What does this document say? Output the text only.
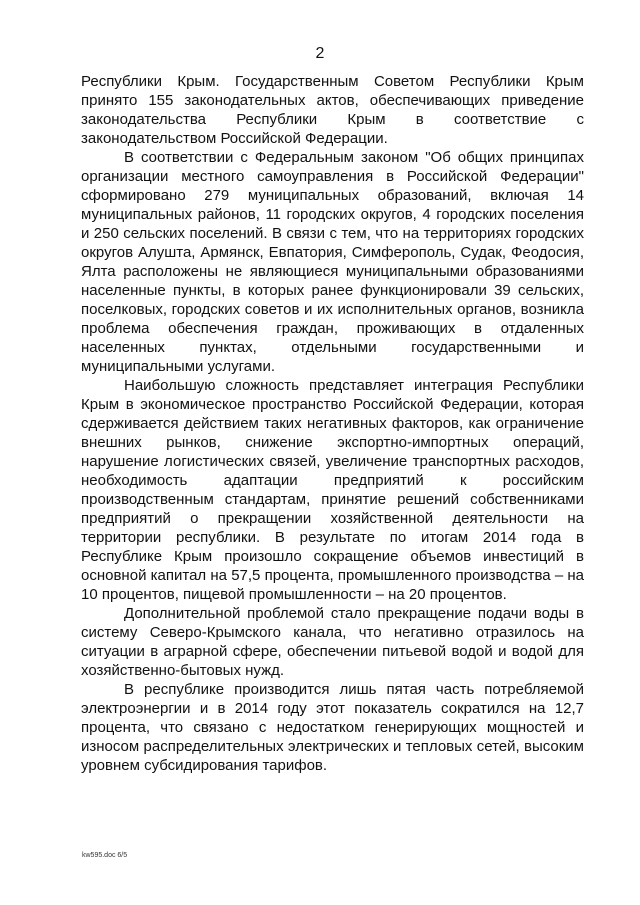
2

Республики Крым. Государственным Советом Республики Крым принято 155 законодательных актов, обеспечивающих приведение законодательства Республики Крым в соответствие с законодательством Российской Федерации.

В соответствии с Федеральным законом "Об общих принципах организации местного самоуправления в Российской Федерации" сформировано 279 муниципальных образований, включая 14 муниципальных районов, 11 городских округов, 4 городских поселения и 250 сельских поселений. В связи с тем, что на территориях городских округов Алушта, Армянск, Евпатория, Симферополь, Судак, Феодосия, Ялта расположены не являющиеся муниципальными образованиями населенные пункты, в которых ранее функционировали 39 сельских, поселковых, городских советов и их исполнительных органов, возникла проблема обеспечения граждан, проживающих в отдаленных населенных пунктах, отдельными государственными и муниципальными услугами.

Наибольшую сложность представляет интеграция Республики Крым в экономическое пространство Российской Федерации, которая сдерживается действием таких негативных факторов, как ограничение внешних рынков, снижение экспортно-импортных операций, нарушение логистических связей, увеличение транспортных расходов, необходимость адаптации предприятий к российским производственным стандартам, принятие решений собственниками предприятий о прекращении хозяйственной деятельности на территории республики. В результате по итогам 2014 года в Республике Крым произошло сокращение объемов инвестиций в основной капитал на 57,5 процента, промышленного производства – на 10 процентов, пищевой промышленности – на 20 процентов.

Дополнительной проблемой стало прекращение подачи воды в систему Северо-Крымского канала, что негативно отразилось на ситуации в аграрной сфере, обеспечении питьевой водой и водой для хозяйственно-бытовых нужд.

В республике производится лишь пятая часть потребляемой электроэнергии и в 2014 году этот показатель сократился на 12,7 процента, что связано с недостатком генерирующих мощностей и износом распределительных электрических и тепловых сетей, высоким уровнем субсидирования тарифов.

kw595.doc 6/5
